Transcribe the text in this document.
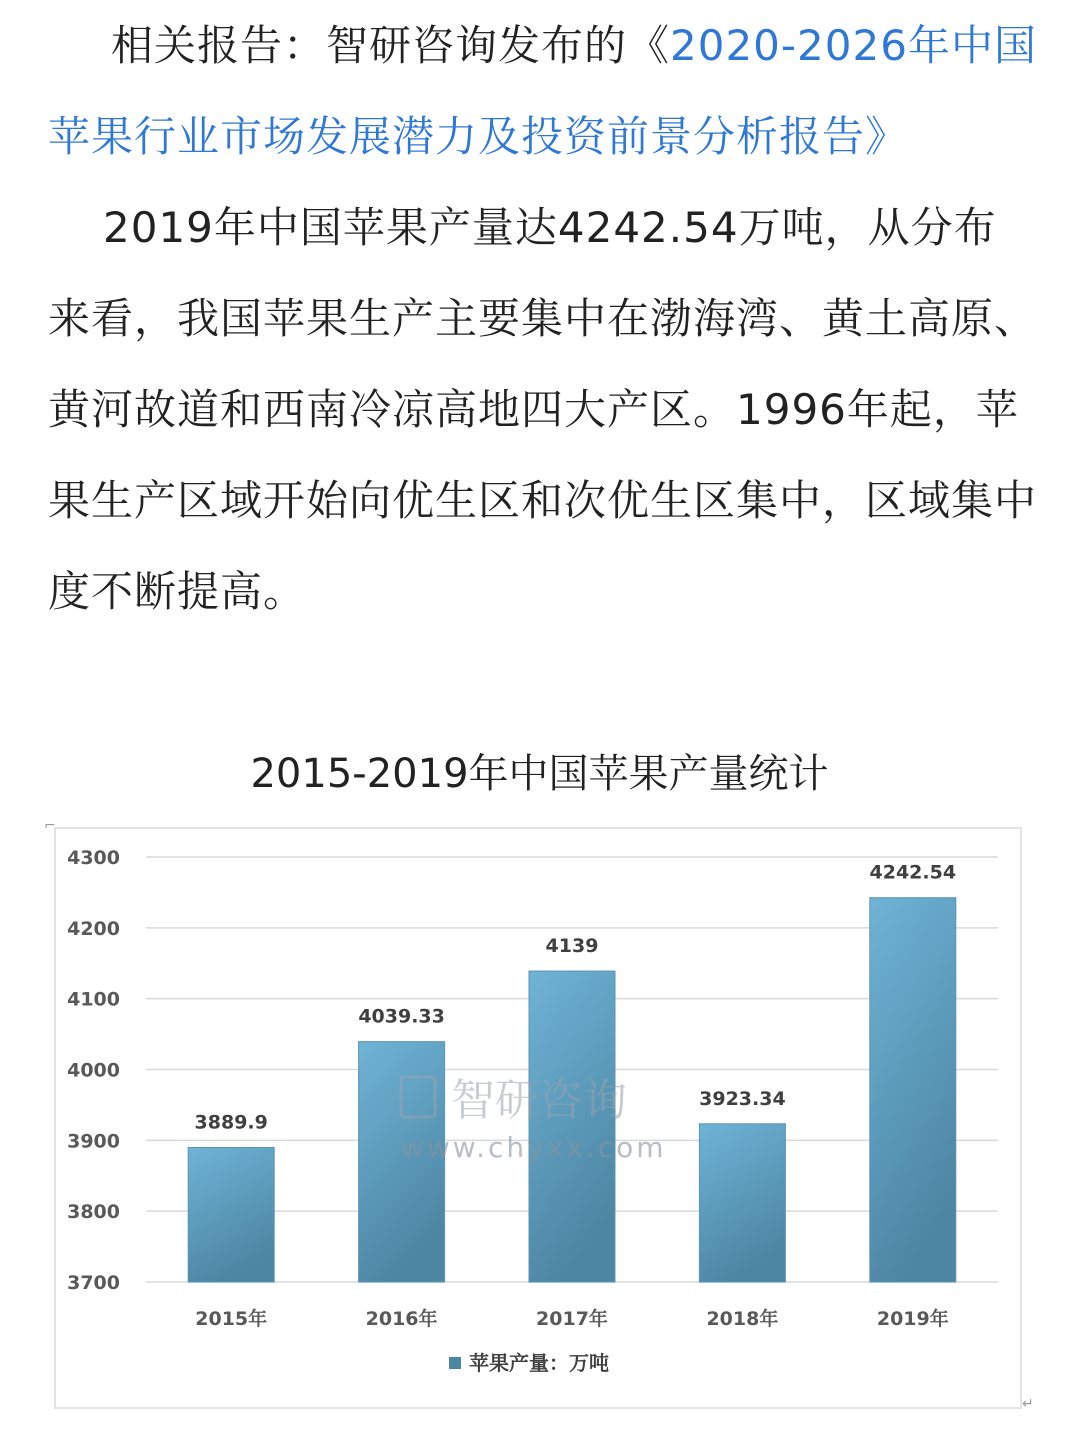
相关报告：智研咨询发布的《2020-2026年中国苹果行业市场发展潜力及投资前景分析报告》

2019年中国苹果产量达4242.54万吨，从分布来看，我国苹果生产主要集中在渤海湾、黄土高原、黄河故道和西南冷凉高地四大产区。1996年起，苹果生产区域开始向优生区和次优生区集中，区域集中度不断提高。

2015-2019年中国苹果产量统计
3700
3800
3900
4000
4100
4200
4300
3889.9
2015年
4039.33
2016年
4139
2017年
3923.34
2018年
4242.54
2019年
智研咨询
www.chyxx.com
苹果产量：万吨
⌐
↵
